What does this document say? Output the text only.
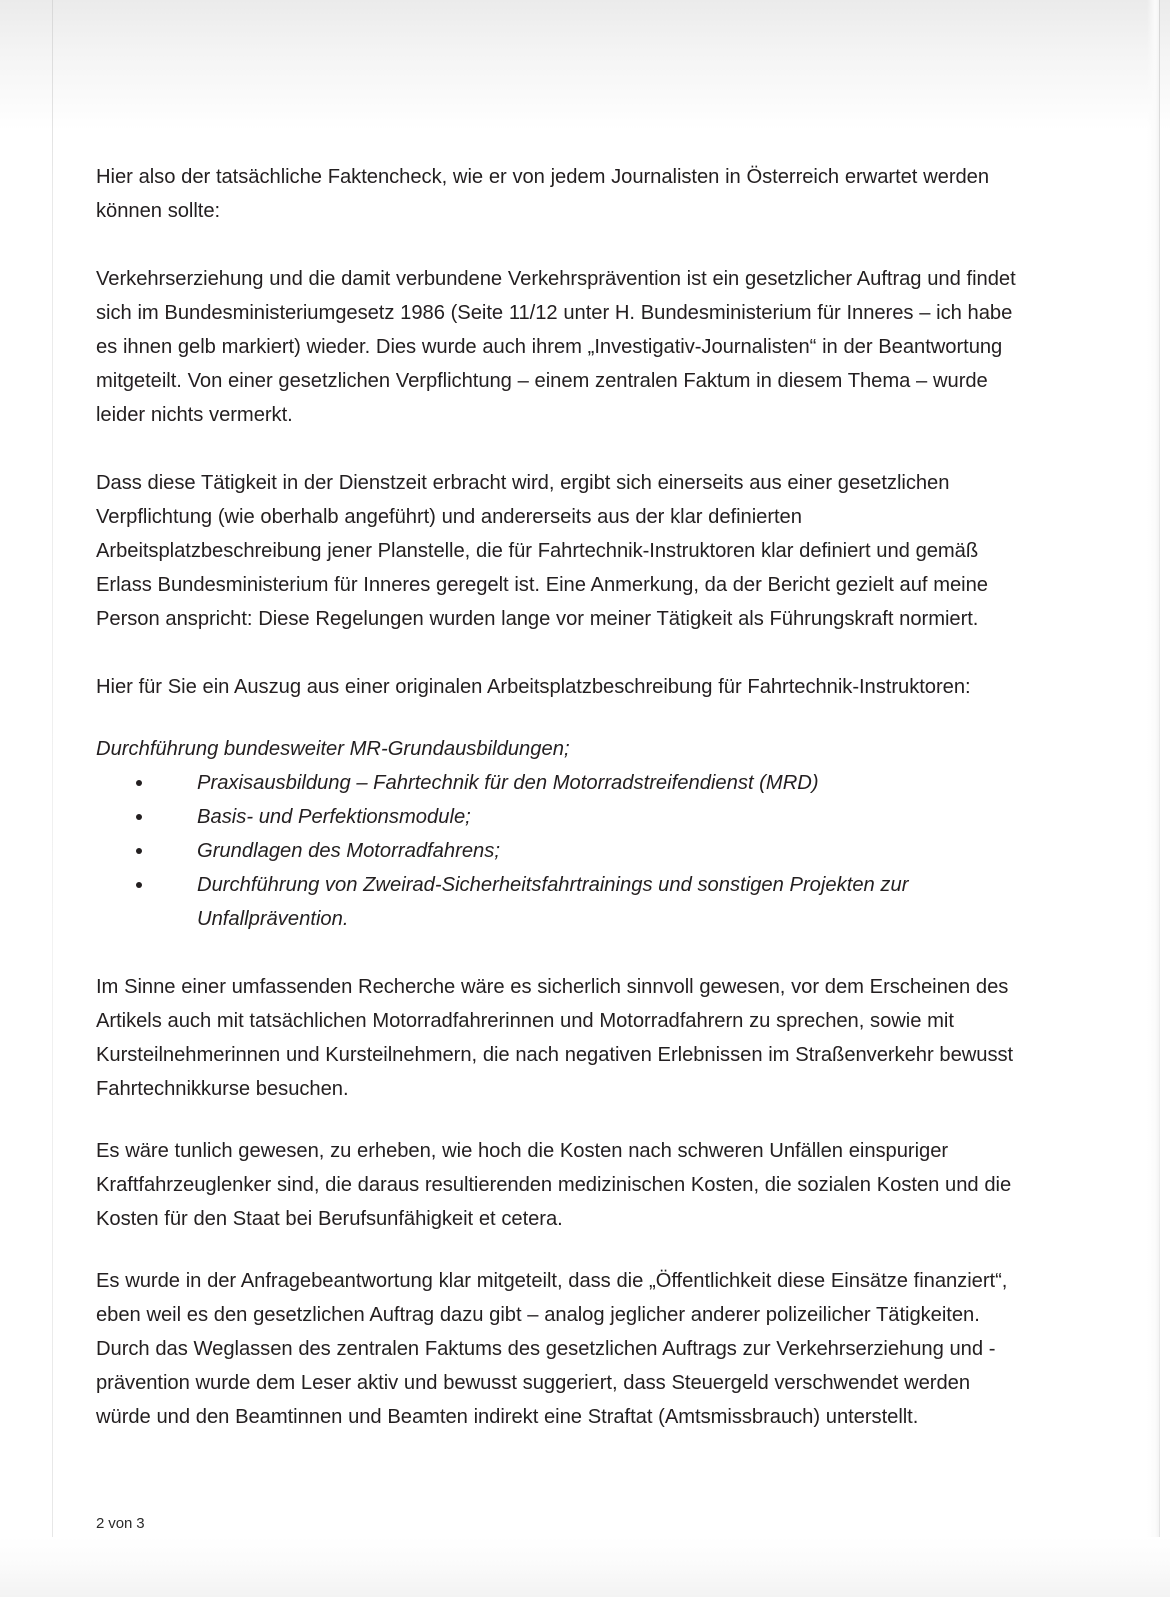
Hier also der tatsächliche Faktencheck, wie er von jedem Journalisten in Österreich erwartet werden können sollte:

Verkehrserziehung und die damit verbundene Verkehrsprävention ist ein gesetzlicher Auftrag und findet sich im Bundesministeriumgesetz 1986 (Seite 11/12 unter H. Bundesministerium für Inneres – ich habe es ihnen gelb markiert) wieder. Dies wurde auch ihrem „Investigativ-Journalisten“ in der Beantwortung mitgeteilt. Von einer gesetzlichen Verpflichtung – einem zentralen Faktum in diesem Thema – wurde leider nichts vermerkt.

Dass diese Tätigkeit in der Dienstzeit erbracht wird, ergibt sich einerseits aus einer gesetzlichen Verpflichtung (wie oberhalb angeführt) und andererseits aus der klar definierten Arbeitsplatzbeschreibung jener Planstelle, die für Fahrtechnik-Instruktoren klar definiert und gemäß Erlass Bundesministerium für Inneres geregelt ist. Eine Anmerkung, da der Bericht gezielt auf meine Person anspricht: Diese Regelungen wurden lange vor meiner Tätigkeit als Führungskraft normiert.

Hier für Sie ein Auszug aus einer originalen Arbeitsplatzbeschreibung für Fahrtechnik-Instruktoren:

Durchführung bundesweiter MR-Grundausbildungen;

Praxisausbildung – Fahrtechnik für den Motorradstreifendienst (MRD)
Basis- und Perfektionsmodule;
Grundlagen des Motorradfahrens;
Durchführung von Zweirad-Sicherheitsfahrtrainings und sonstigen Projekten zur Unfallprävention.

Im Sinne einer umfassenden Recherche wäre es sicherlich sinnvoll gewesen, vor dem Erscheinen des Artikels auch mit tatsächlichen Motorradfahrerinnen und Motorradfahrern zu sprechen, sowie mit Kursteilnehmerinnen und Kursteilnehmern, die nach negativen Erlebnissen im Straßenverkehr bewusst Fahrtechnikkurse besuchen.

Es wäre tunlich gewesen, zu erheben, wie hoch die Kosten nach schweren Unfällen einspuriger Kraftfahrzeuglenker sind, die daraus resultierenden medizinischen Kosten, die sozialen Kosten und die Kosten für den Staat bei Berufsunfähigkeit et cetera.

Es wurde in der Anfragebeantwortung klar mitgeteilt, dass die „Öffentlichkeit diese Einsätze finanziert“, eben weil es den gesetzlichen Auftrag dazu gibt – analog jeglicher anderer polizeilicher Tätigkeiten. Durch das Weglassen des zentralen Faktums des gesetzlichen Auftrags zur Verkehrserziehung und -prävention wurde dem Leser aktiv und bewusst suggeriert, dass Steuergeld verschwendet werden würde und den Beamtinnen und Beamten indirekt eine Straftat (Amtsmissbrauch) unterstellt.

2 von 3
